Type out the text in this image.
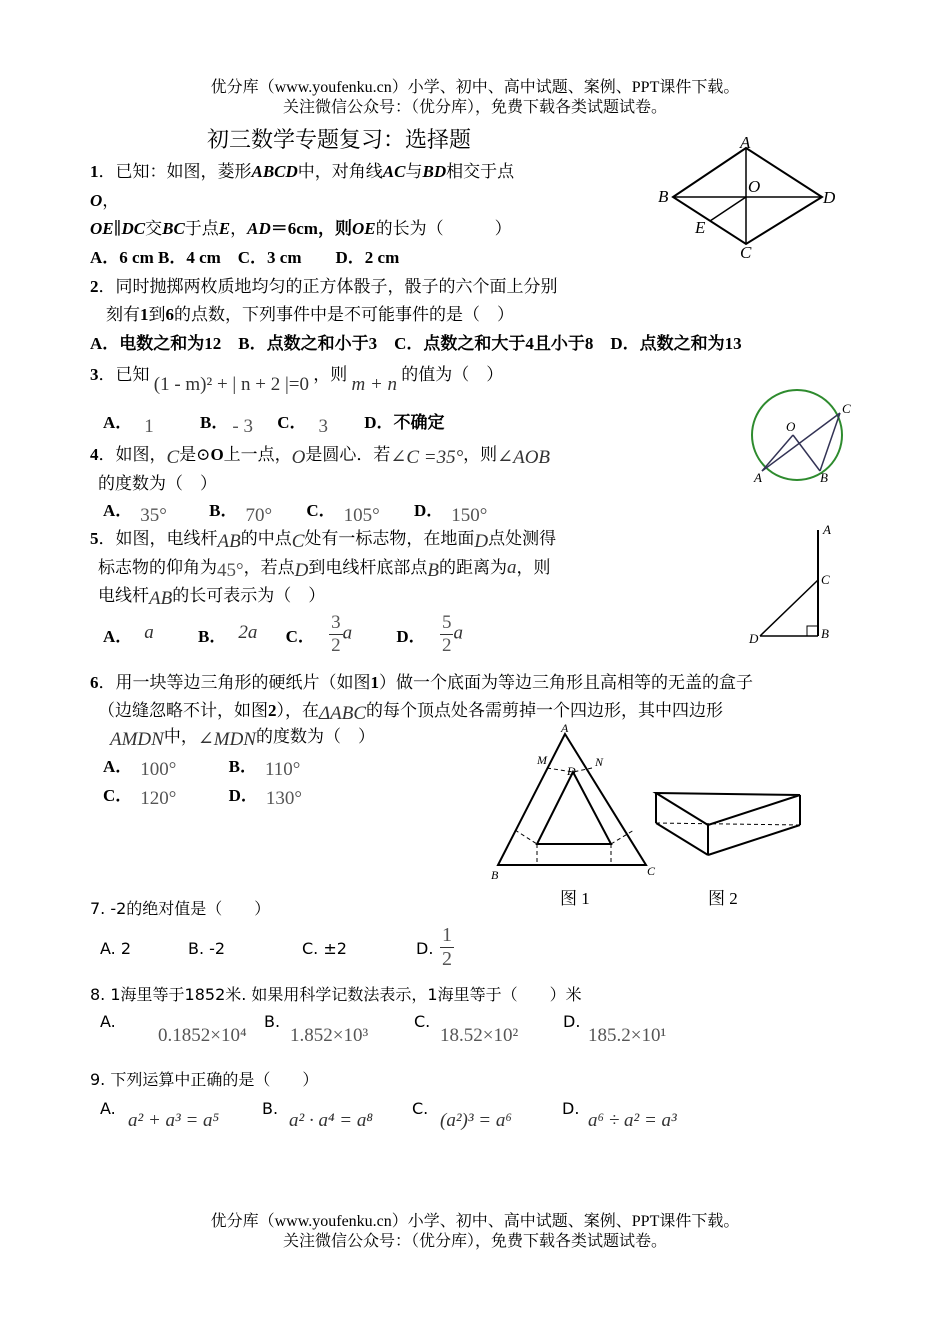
优分库（www.youfenku.cn）小学、初中、高中试题、案例、PPT课件下载。
关注微信公众号：（优分库），免费下载各类试题试卷。
初三数学专题复习：选择题
1．已知：如图，菱形ABCD中，对角线AC与BD相交于点
O，
OE∥DC交BC于点E，AD＝6cm，则OE的长为（　　　）
A．6 cm B．4 cm　C．3 cm　　D．2 cm
A
B
C
D
O
E
2．同时抛掷两枚质地均匀的正方体骰子，骰子的六个面上分别
刻有1到6的点数，下列事件中是不可能事件的是（　）
A．电数之和为12　B．点数之和小于3　C．点数之和大于4且小于8　D．点数之和为13
3．已知 (1 - m)² + | n + 2 |=0 ，则 m + n 的值为（　）
A． 1	B． - 3 C． 3 D．不确定	O
A	B
C
4．如图，C是⊙O上一点，O是圆心．若∠C =35°，则∠AOB
的度数为（　）
A． 35° B． 70° C． 105° D． 150°
5．如图，电线杆AB的中点C处有一标志物，在地面D点处测得
标志物的仰角为45°，若点D到电线杆底部点B的距离为a，则
电线杆AB的长可表示为（　）
A． a	B． 2a C． $\frac{3}{2}$ a	D． $\frac{5}{2}$ a
A
C
D	B
6．用一块等边三角形的硬纸片（如图1）做一个底面为等边三角形且高相等的无盖的盒子
（边缝忽略不计，如图2），在ΔABC的每个顶点处各需剪掉一个四边形，其中四边形
AMDN中，∠MDN的度数为（　）
A． 100°	B． 110°
C． 120°	D． 130°
A
M
D
N
B	C
图 1	图 2
7. -2的绝对值是（　　）
A. 2	B. -2	C. ±2	D. $\frac{1}{2}$
8. 1海里等于1852米. 如果用科学记数法表示，1海里等于（　　）米
A.
0.1852×10⁴
B.
1.852×10³
C.
18.52×10²
D.
185.2×10¹
9. 下列运算中正确的是（　　）
A.
a² + a³ = a⁵
B.
a² · a⁴ = a⁸
C.
(a²)³ = a⁶
D.
a⁶ ÷ a² = a³
优分库（www.youfenku.cn）小学、初中、高中试题、案例、PPT课件下载。
关注微信公众号：（优分库），免费下载各类试题试卷。
